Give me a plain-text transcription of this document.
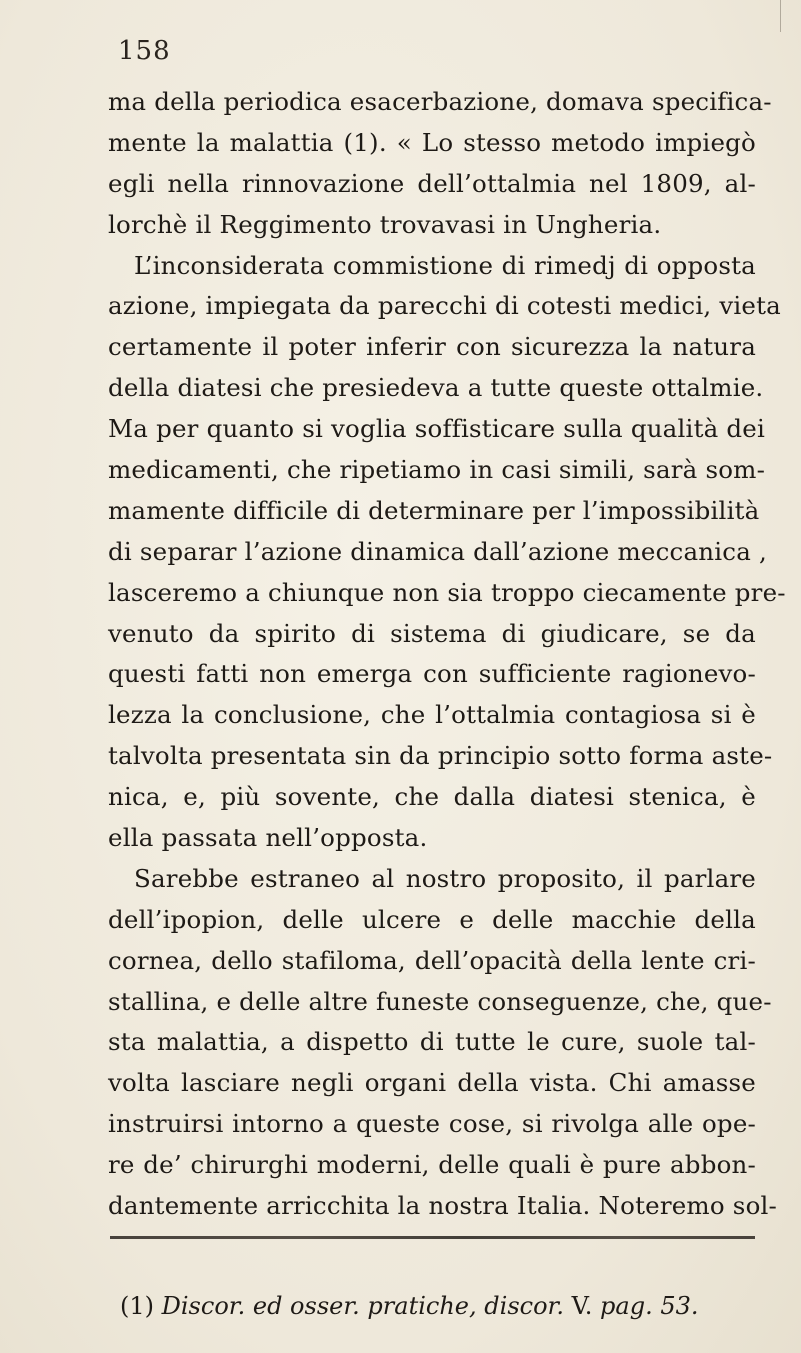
158
ma della periodica esacerbazione, domava specifica-
mente la malattia (1). « Lo stesso metodo impiegò
egli nella rinnovazione dell’ottalmia nel 1809, al-
lorchè il Reggimento trovavasi in Ungheria.
L’inconsiderata commistione di rimedj di opposta
azione, impiegata da parecchi di cotesti medici, vieta
certamente il poter inferir con sicurezza la natura
della diatesi che presiedeva a tutte queste ottalmie.
Ma per quanto si voglia soffisticare sulla qualità dei
medicamenti, che ripetiamo in casi simili, sarà som-
mamente difficile di determinare per l’impossibilità
di separar l’azione dinamica dall’azione meccanica ,
lasceremo a chiunque non sia troppo ciecamente pre-
venuto da spirito di sistema di giudicare, se da
questi fatti non emerga con sufficiente ragionevo-
lezza la conclusione, che l’ottalmia contagiosa si è
talvolta presentata sin da principio sotto forma aste-
nica, e, più sovente, che dalla diatesi stenica, è
ella passata nell’opposta.
Sarebbe estraneo al nostro proposito, il parlare
dell’ipopion, delle ulcere e delle macchie della
cornea, dello stafiloma, dell’opacità della lente cri-
stallina, e delle altre funeste conseguenze, che, que-
sta malattia, a dispetto di tutte le cure, suole tal-
volta lasciare negli organi della vista. Chi amasse
instruirsi intorno a queste cose, si rivolga alle ope-
re de’ chirurghi moderni, delle quali è pure abbon-
dantemente arricchita la nostra Italia. Noteremo sol-
(1) Discor. ed osser. pratiche, discor. V. pag. 53.
